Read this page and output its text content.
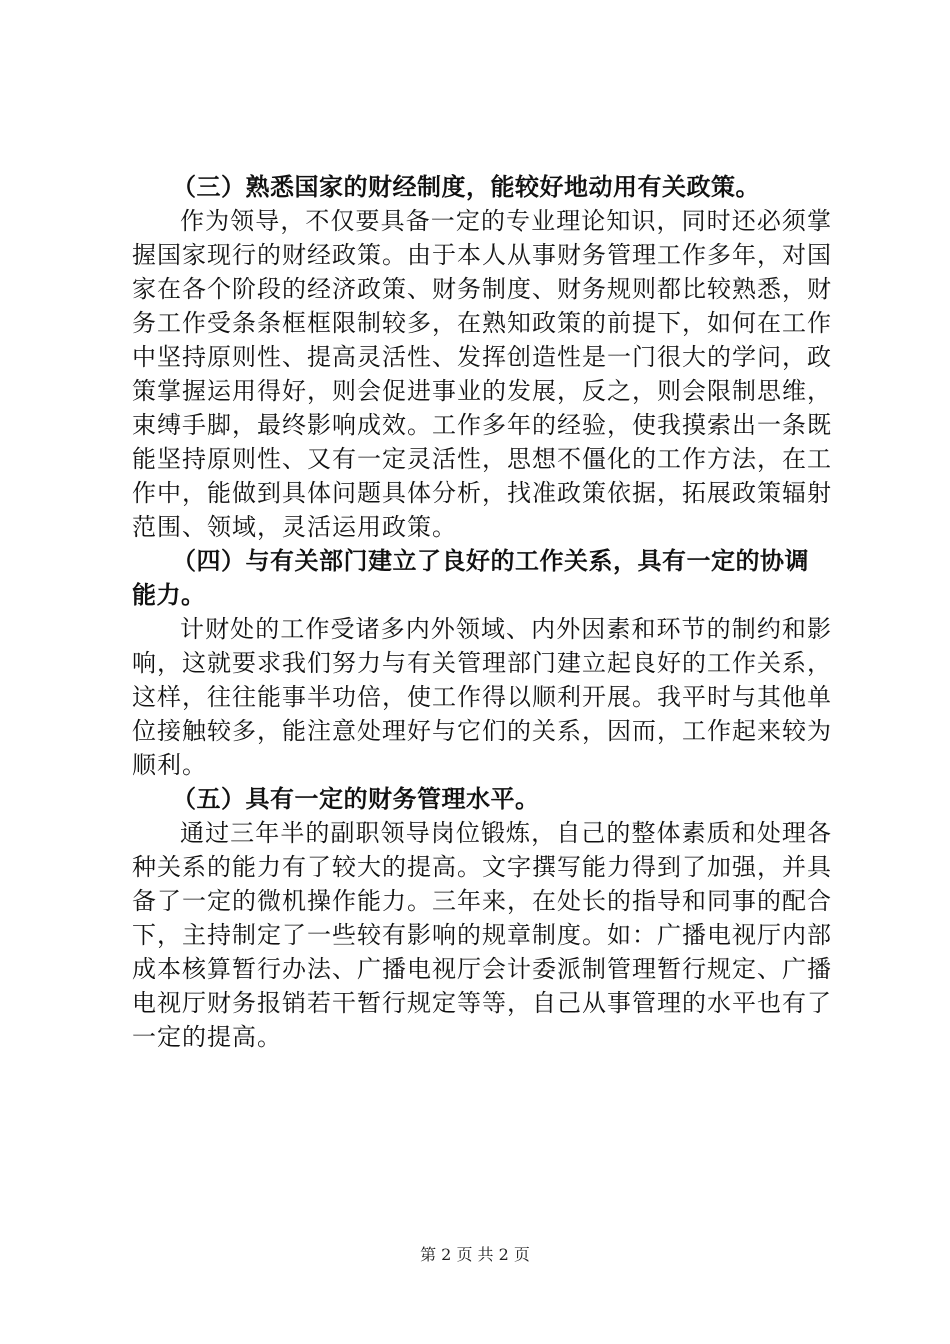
（三）熟悉国家的财经制度，能较好地动用有关政策。

作为领导，不仅要具备一定的专业理论知识，同时还必须掌握国家现行的财经政策。由于本人从事财务管理工作多年，对国家在各个阶段的经济政策、财务制度、财务规则都比较熟悉，财务工作受条条框框限制较多，在熟知政策的前提下，如何在工作中坚持原则性、提高灵活性、发挥创造性是一门很大的学问，政策掌握运用得好，则会促进事业的发展，反之，则会限制思维，束缚手脚，最终影响成效。工作多年的经验，使我摸索出一条既能坚持原则性、又有一定灵活性，思想不僵化的工作方法，在工作中，能做到具体问题具体分析，找准政策依据，拓展政策辐射范围、领域，灵活运用政策。

（四）与有关部门建立了良好的工作关系，具有一定的协调能力。

计财处的工作受诸多内外领域、内外因素和环节的制约和影响，这就要求我们努力与有关管理部门建立起良好的工作关系，这样，往往能事半功倍，使工作得以顺利开展。我平时与其他单位接触较多，能注意处理好与它们的关系，因而，工作起来较为顺利。

（五）具有一定的财务管理水平。

通过三年半的副职领导岗位锻炼，自己的整体素质和处理各种关系的能力有了较大的提高。文字撰写能力得到了加强，并具备了一定的微机操作能力。三年来，在处长的指导和同事的配合下，主持制定了一些较有影响的规章制度。如：广播电视厅内部成本核算暂行办法、广播电视厅会计委派制管理暂行规定、广播电视厅财务报销若干暂行规定等等，自己从事管理的水平也有了一定的提高。

第 2 页 共 2 页
